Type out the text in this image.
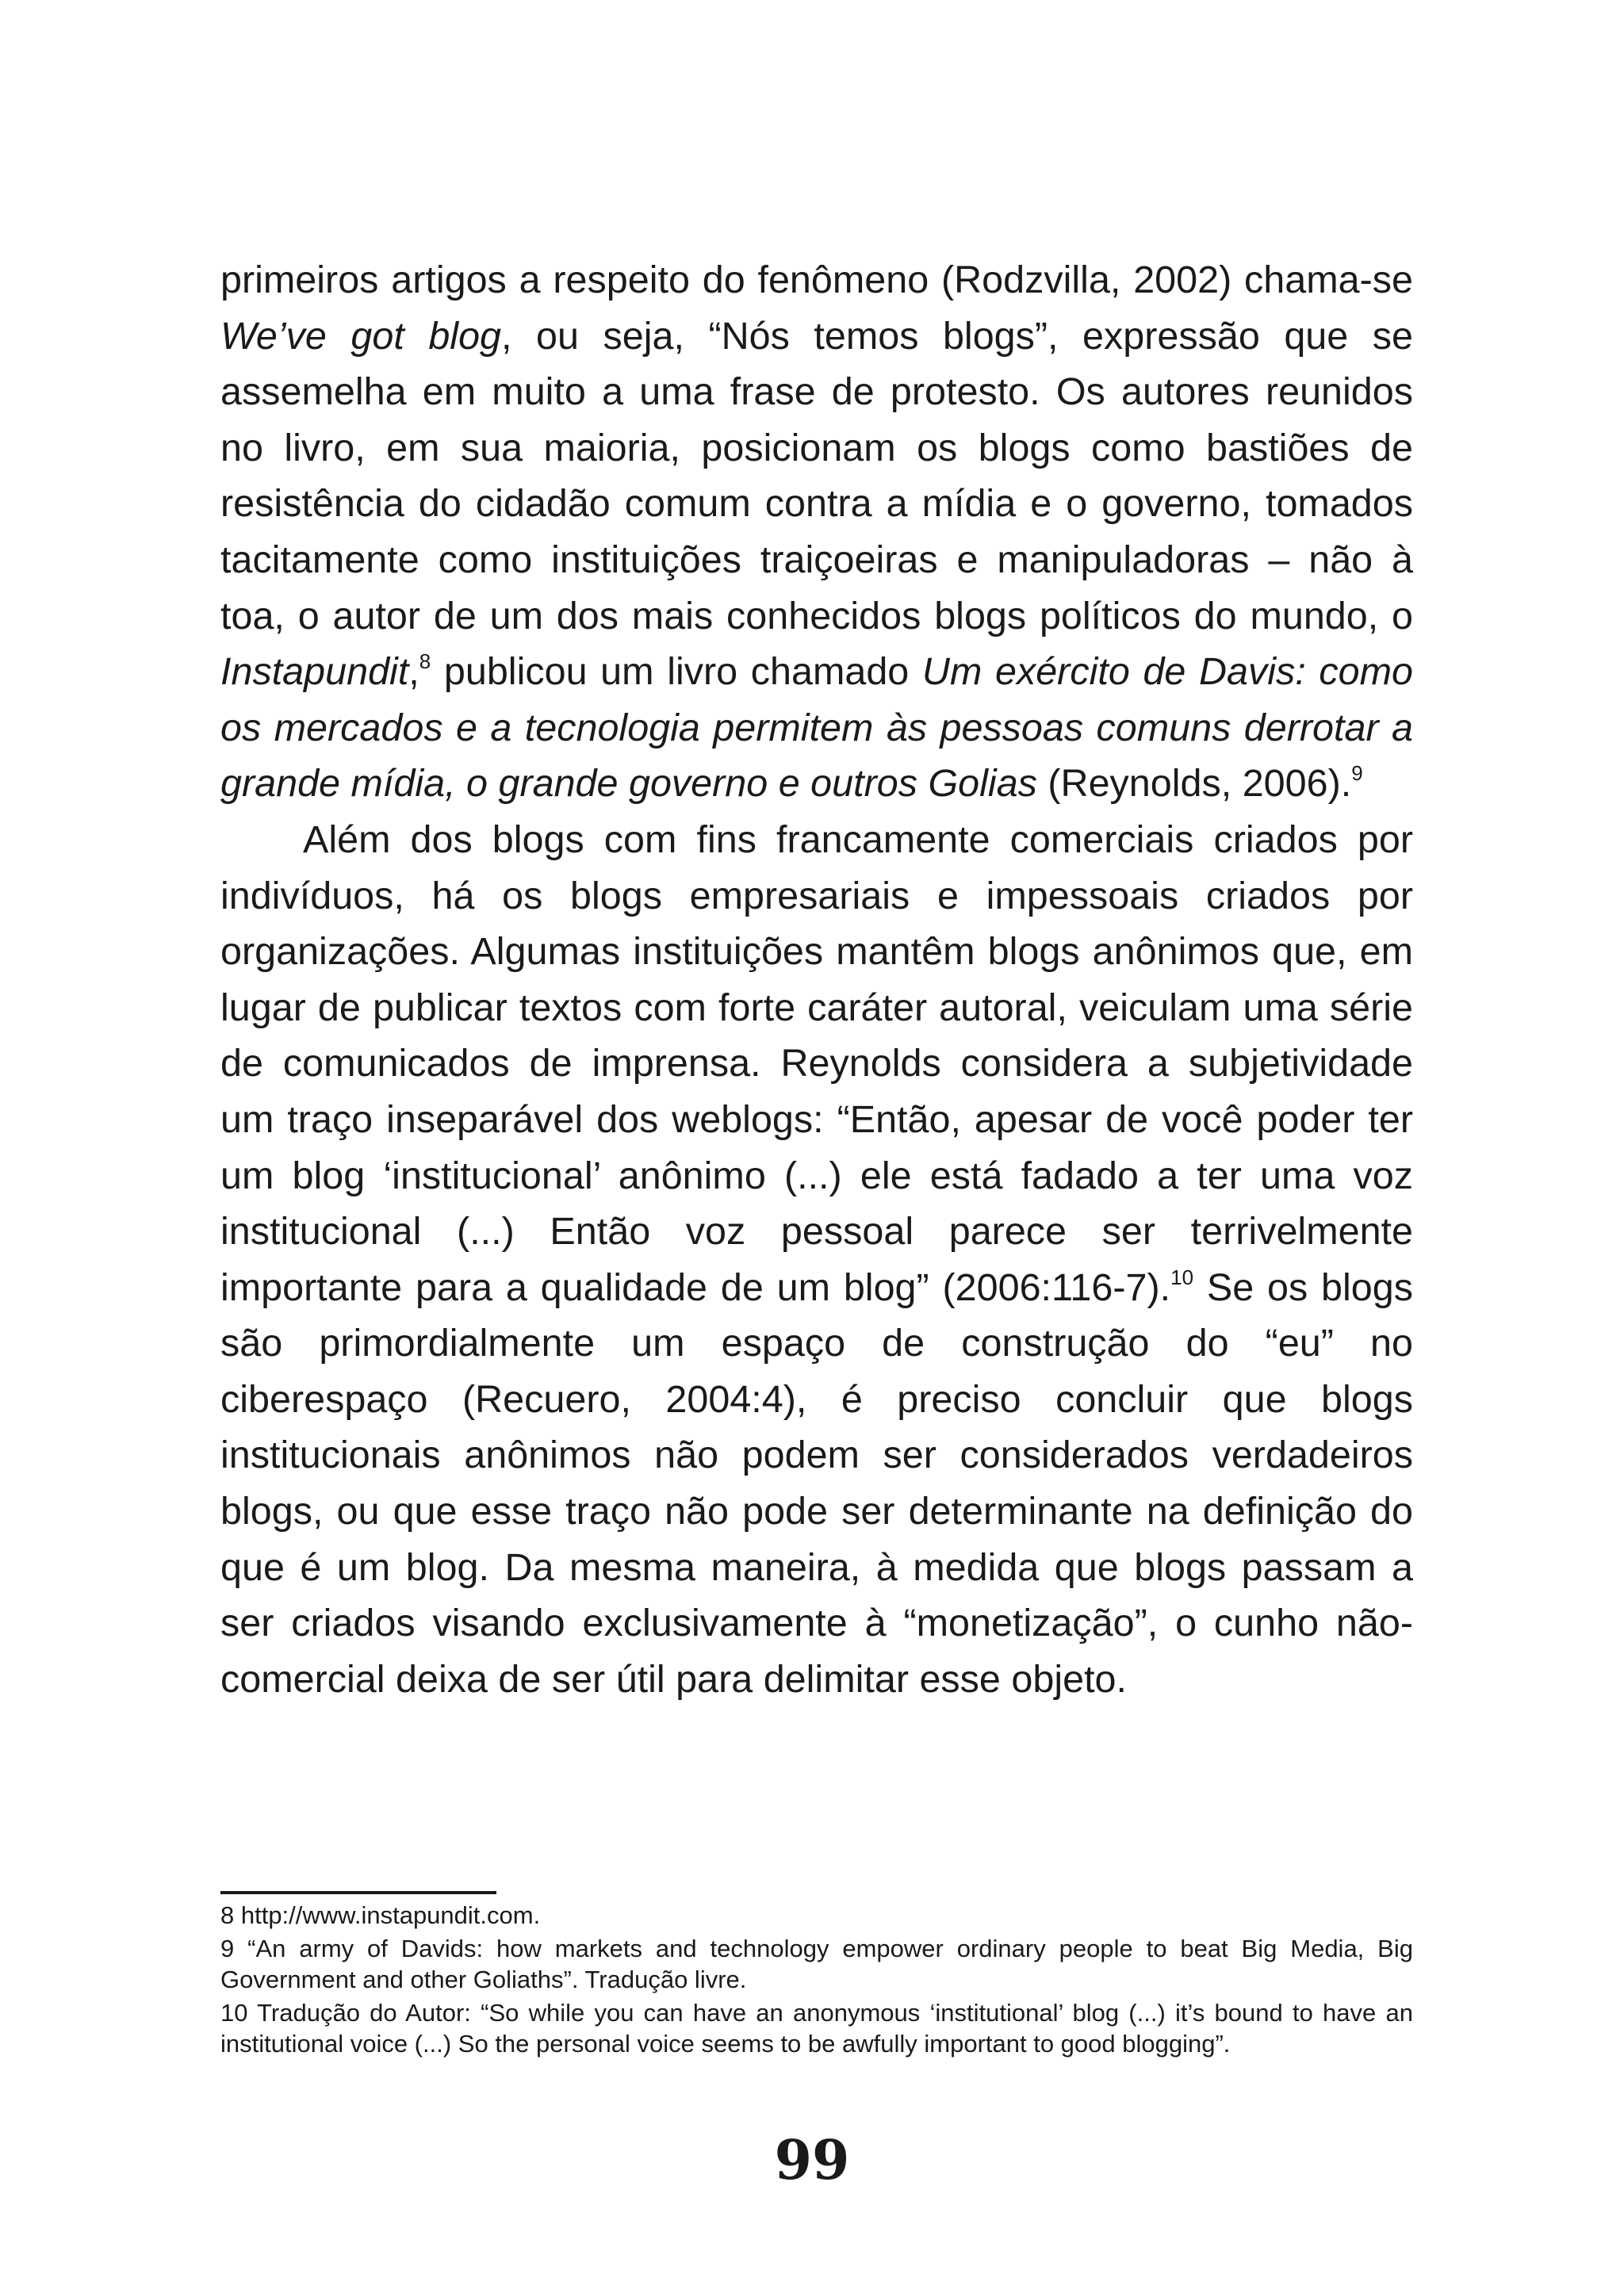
primeiros artigos a respeito do fenômeno (Rodzvilla, 2002) chama-se We’ve got blog, ou seja, “Nós temos blogs”, expressão que se assemelha em muito a uma frase de protesto. Os autores reunidos no livro, em sua maioria, posicionam os blogs como bastiões de resistência do cidadão comum contra a mídia e o governo, tomados tacitamente como instituições traiçoeiras e manipuladoras – não à toa, o autor de um dos mais conhecidos blogs políticos do mundo, o Instapundit,$^8$ publicou um livro chamado Um exército de Davis: como os mercados e a tecnologia permitem às pessoas comuns derrotar a grande mídia, o grande governo e outros Golias (Reynolds, 2006).$^9$

Além dos blogs com fins francamente comerciais criados por indivíduos, há os blogs empresariais e impessoais criados por organizações. Algumas instituições mantêm blogs anônimos que, em lugar de publicar textos com forte caráter autoral, veiculam uma série de comunicados de imprensa. Reynolds considera a subjetividade um traço inseparável dos weblogs: “Então, apesar de você poder ter um blog ‘institucional’ anônimo (...) ele está fadado a ter uma voz institucional (...) Então voz pessoal parece ser terrivelmente importante para a qualidade de um blog” (2006:116-7).$^{10}$ Se os blogs são primordialmente um espaço de construção do “eu” no ciberespaço (Recuero, 2004:4), é preciso concluir que blogs institucionais anônimos não podem ser considerados verdadeiros blogs, ou que esse traço não pode ser determinante na definição do que é um blog. Da mesma maneira, à medida que blogs passam a ser criados visando exclusivamente à “monetização”, o cunho não-comercial deixa de ser útil para delimitar esse objeto.

8 http://www.instapundit.com.

9 “An army of Davids: how markets and technology empower ordinary people to beat Big Media, Big Government and other Goliaths”. Tradução livre.

10 Tradução do Autor: “So while you can have an anonymous ‘institutional’ blog (...) it’s bound to have an institutional voice (...) So the personal voice seems to be awfully important to good blogging”.

99
